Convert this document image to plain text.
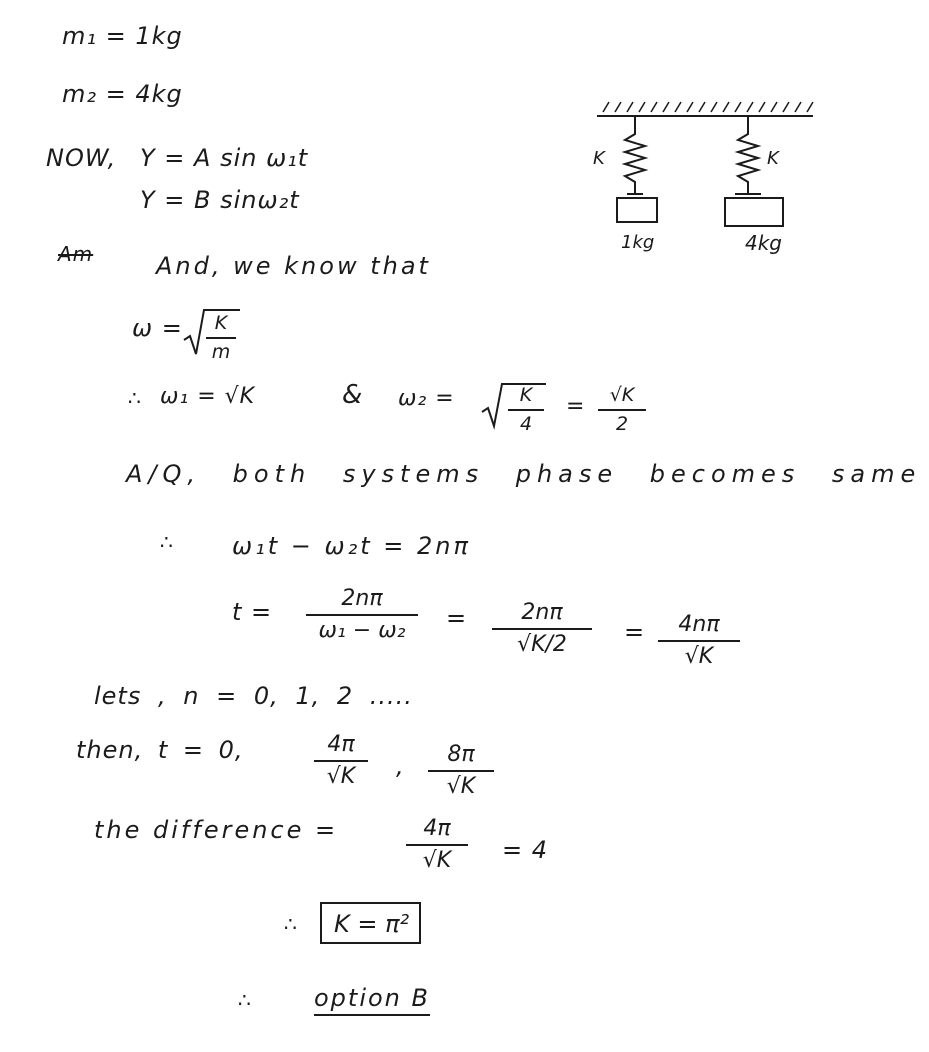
m₁ = 1kg
m₂ = 4kg
NOW, Y = A sin ω₁t
Y = B sinω₂t
K	K
1kg	4kg
Am	And, we know that
$\omega = \frac{K}{m}$
∴ ω₁ = √K	& ω₂ =	$\frac{K}{4} = \frac{√K}{2}$
A/Q, both systems phase becomes same
∴ ω₁t − ω₂t = 2nπ
$t = \frac{2n\pi}{\text{ω₁ − ω₂}} = \frac{2n\pi}{√K/2} = \frac{4n\pi}{√K}$
lets , n = 0, 1, 2 .....
then, t = 0,	$\frac{4\pi}{√K}$ , $\frac{8\pi}{√K}$
the difference =	$\frac{4\pi}{√K} = 4$
∴	K = π²
∴	option B
